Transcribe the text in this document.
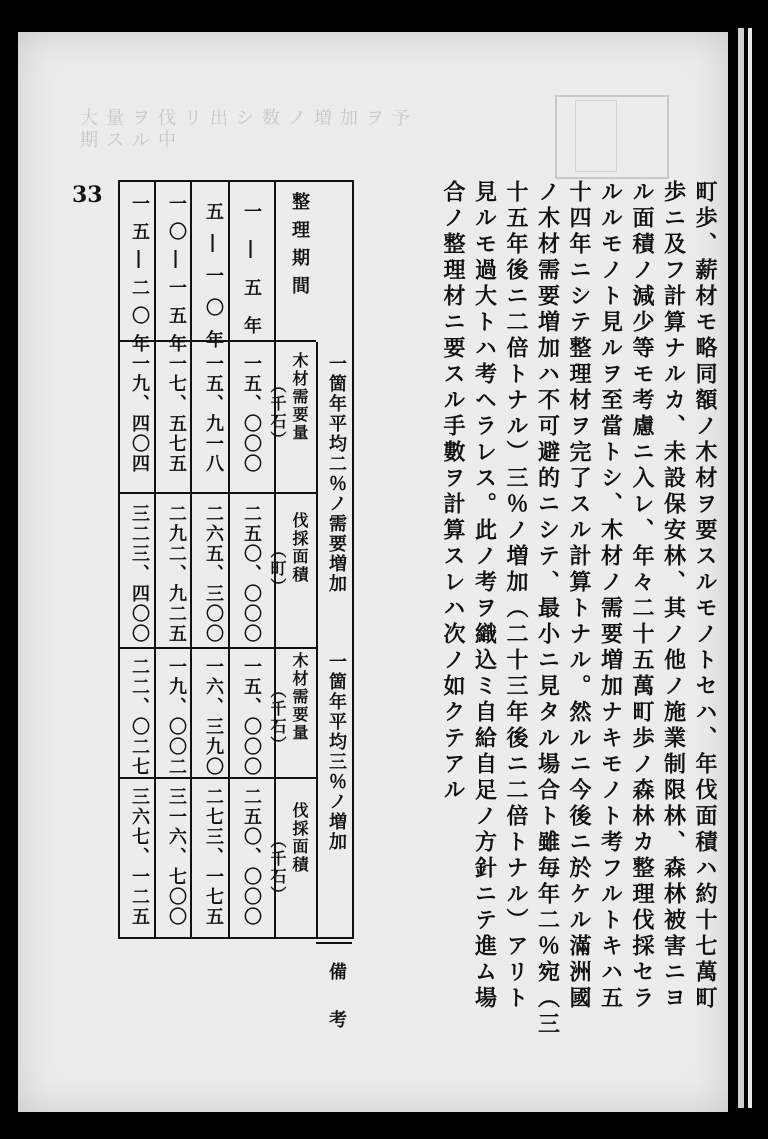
大量ヲ伐リ出シ数ノ増加ヲ予期スル中
33	町歩、薪材モ略同額ノ木材ヲ要スルモノトセハ、年伐面積ハ約十七萬町
歩ニ及フ計算ナルカ、未設保安林、其ノ他ノ施業制限林、森林被害ニヨ
ル面積ノ減少等モ考慮ニ入レ、年々二十五萬町歩ノ森林カ整理伐採セラ
ルルモノト見ルヲ至當トシ、木材ノ需要増加ナキモノト考フルトキハ五
十四年ニシテ整理材ヲ完了スル計算トナル。然ルニ今後ニ於ケル滿洲國
ノ木材需要増加ハ不可避的ニシテ、最小ニ見タル場合ト雖毎年二％宛（三
十五年後ニ二倍トナル）三％ノ増加（二十三年後ニ二倍トナル）アリト
見ルモ過大トハ考ヘラレス。此ノ考ヲ織込ミ自給自足ノ方針ニテ進ム場
合ノ整理材ニ要スル手數ヲ計算スレハ次ノ如クテアル
整理期間
一箇年平均二％ノ需要増加
一箇年平均三％ノ増加
木材需要量
（千石）
伐採面積
（町）
木材需要量
（千石）
伐採面積
（千石）
備考
一―五年
一五、〇〇〇
二五〇、〇〇〇
一五、〇〇〇
二五〇、〇〇〇
五―一〇年
一五、九一八
二六五、三〇〇
一六、三九〇
二七三、一七五
一〇―一五年
一七、五七五
二九二、九二五
一九、〇〇二
三一六、七〇〇
一五―二〇年
一九、四〇四
三二三、四〇〇
二二、〇二七
三六七、一二五
